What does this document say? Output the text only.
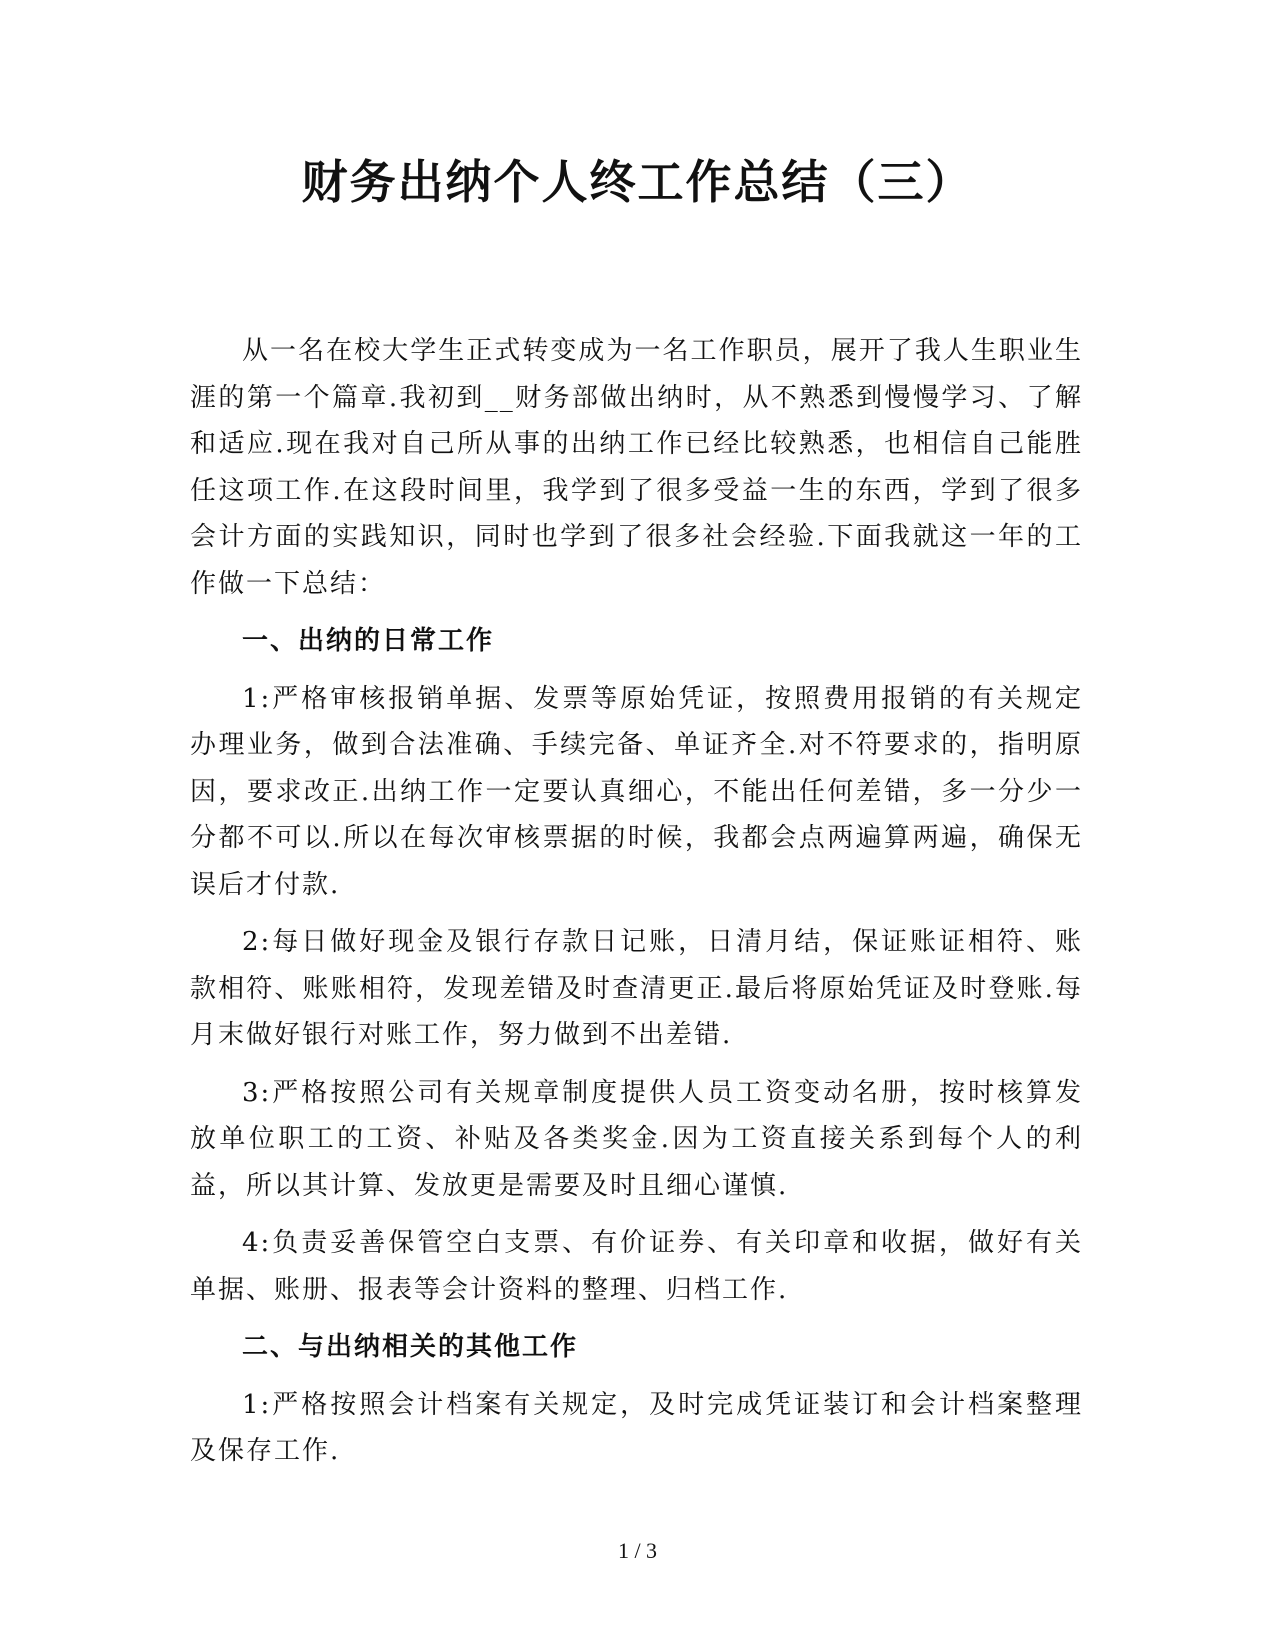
财务出纳个人终工作总结（三）

从一名在校大学生正式转变成为一名工作职员，展开了我人生职业生涯的第一个篇章.我初到__财务部做出纳时，从不熟悉到慢慢学习、了解和适应.现在我对自己所从事的出纳工作已经比较熟悉，也相信自己能胜任这项工作.在这段时间里，我学到了很多受益一生的东西，学到了很多会计方面的实践知识，同时也学到了很多社会经验.下面我就这一年的工作做一下总结：

一、出纳的日常工作

1:严格审核报销单据、发票等原始凭证，按照费用报销的有关规定办理业务，做到合法准确、手续完备、单证齐全.对不符要求的，指明原因，要求改正.出纳工作一定要认真细心，不能出任何差错，多一分少一分都不可以.所以在每次审核票据的时候，我都会点两遍算两遍，确保无误后才付款.

2:每日做好现金及银行存款日记账，日清月结，保证账证相符、账款相符、账账相符，发现差错及时查清更正.最后将原始凭证及时登账.每月末做好银行对账工作，努力做到不出差错.

3:严格按照公司有关规章制度提供人员工资变动名册，按时核算发放单位职工的工资、补贴及各类奖金.因为工资直接关系到每个人的利益，所以其计算、发放更是需要及时且细心谨慎.

4:负责妥善保管空白支票、有价证券、有关印章和收据，做好有关单据、账册、报表等会计资料的整理、归档工作.

二、与出纳相关的其他工作

1:严格按照会计档案有关规定，及时完成凭证装订和会计档案整理及保存工作.

1 / 3
